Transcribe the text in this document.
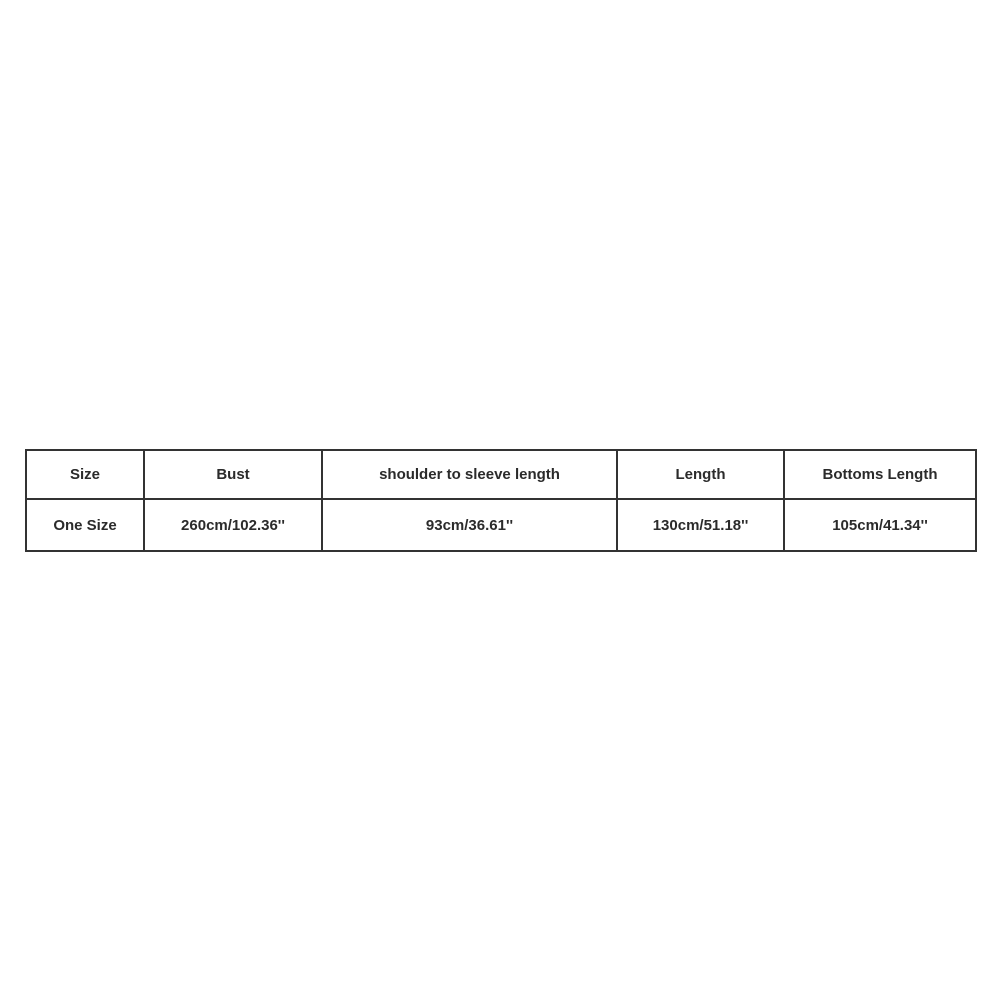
Size	Bust	shoulder to sleeve length	Length	Bottoms Length
One Size	260cm/102.36''	93cm/36.61''	130cm/51.18''	105cm/41.34''
